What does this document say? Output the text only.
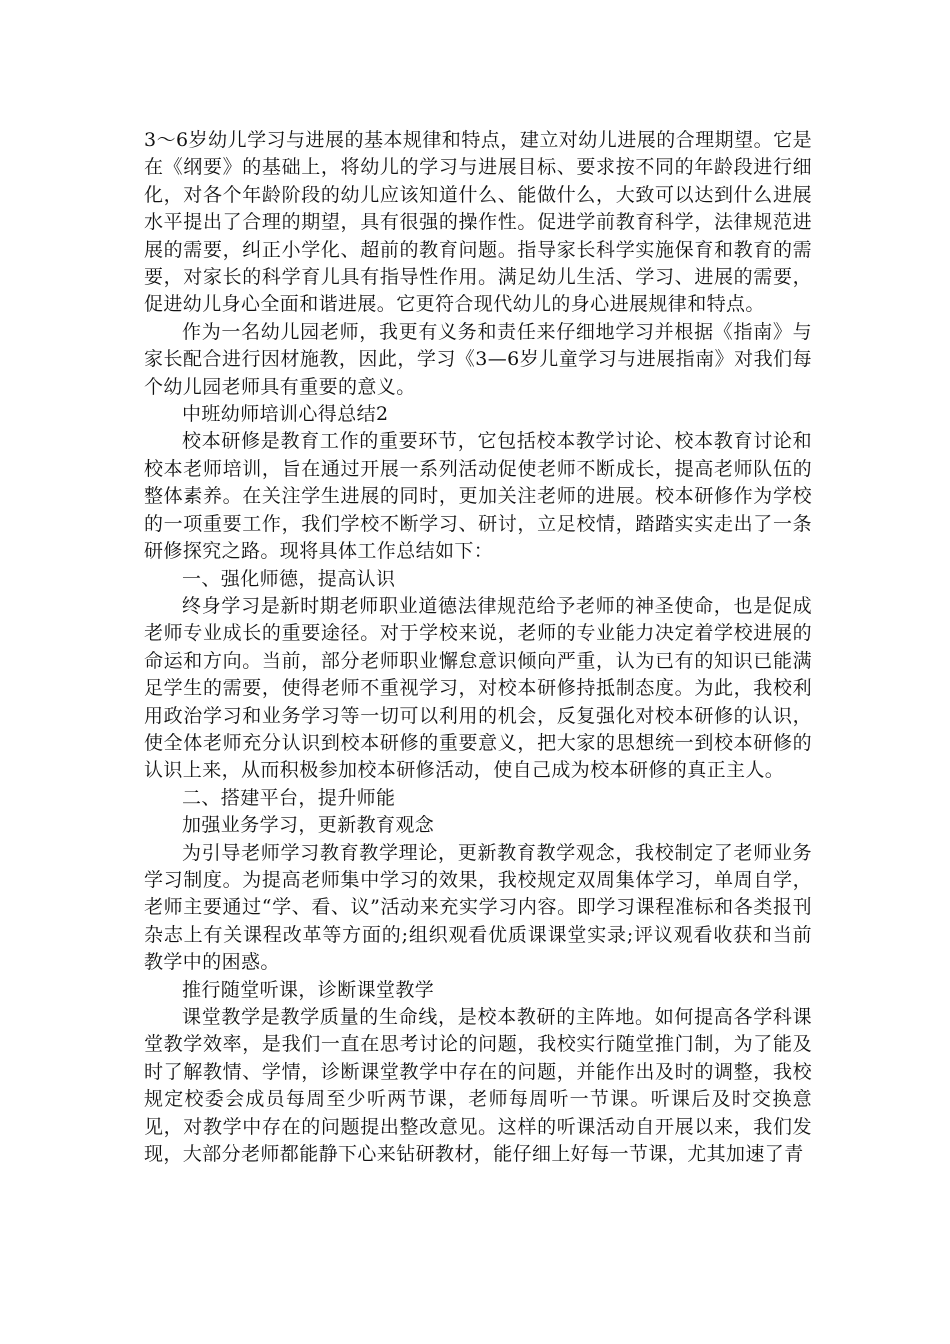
3～6岁幼儿学习与进展的基本规律和特点，建立对幼儿进展的合理期望。它是在《纲要》的基础上，将幼儿的学习与进展目标、要求按不同的年龄段进行细化，对各个年龄阶段的幼儿应该知道什么、能做什么，大致可以达到什么进展水平提出了合理的期望，具有很强的操作性。促进学前教育科学，法律规范进展的需要，纠正小学化、超前的教育问题。指导家长科学实施保育和教育的需要，对家长的科学育儿具有指导性作用。满足幼儿生活、学习、进展的需要，促进幼儿身心全面和谐进展。它更符合现代幼儿的身心进展规律和特点。

作为一名幼儿园老师，我更有义务和责任来仔细地学习并根据《指南》与家长配合进行因材施教，因此，学习《3—6岁儿童学习与进展指南》对我们每个幼儿园老师具有重要的意义。

中班幼师培训心得总结2

校本研修是教育工作的重要环节，它包括校本教学讨论、校本教育讨论和校本老师培训，旨在通过开展一系列活动促使老师不断成长，提高老师队伍的整体素养。在关注学生进展的同时，更加关注老师的进展。校本研修作为学校的一项重要工作，我们学校不断学习、研讨，立足校情，踏踏实实走出了一条研修探究之路。现将具体工作总结如下：

一、强化师德，提高认识

终身学习是新时期老师职业道德法律规范给予老师的神圣使命，也是促成老师专业成长的重要途径。对于学校来说，老师的专业能力决定着学校进展的命运和方向。当前，部分老师职业懈怠意识倾向严重，认为已有的知识已能满足学生的需要，使得老师不重视学习，对校本研修持抵制态度。为此，我校利用政治学习和业务学习等一切可以利用的机会，反复强化对校本研修的认识，使全体老师充分认识到校本研修的重要意义，把大家的思想统一到校本研修的认识上来，从而积极参加校本研修活动，使自己成为校本研修的真正主人。

二、搭建平台，提升师能

加强业务学习，更新教育观念

为引导老师学习教育教学理论，更新教育教学观念，我校制定了老师业务学习制度。为提高老师集中学习的效果，我校规定双周集体学习，单周自学，老师主要通过“学、看、议”活动来充实学习内容。即学习课程准标和各类报刊杂志上有关课程改革等方面的;组织观看优质课课堂实录;评议观看收获和当前教学中的困惑。

推行随堂听课，诊断课堂教学

课堂教学是教学质量的生命线，是校本教研的主阵地。如何提高各学科课堂教学效率，是我们一直在思考讨论的问题，我校实行随堂推门制，为了能及时了解教情、学情，诊断课堂教学中存在的问题，并能作出及时的调整，我校规定校委会成员每周至少听两节课，老师每周听一节课。听课后及时交换意见，对教学中存在的问题提出整改意见。这样的听课活动自开展以来，我们发现，大部分老师都能静下心来钻研教材，能仔细上好每一节课，尤其加速了青
